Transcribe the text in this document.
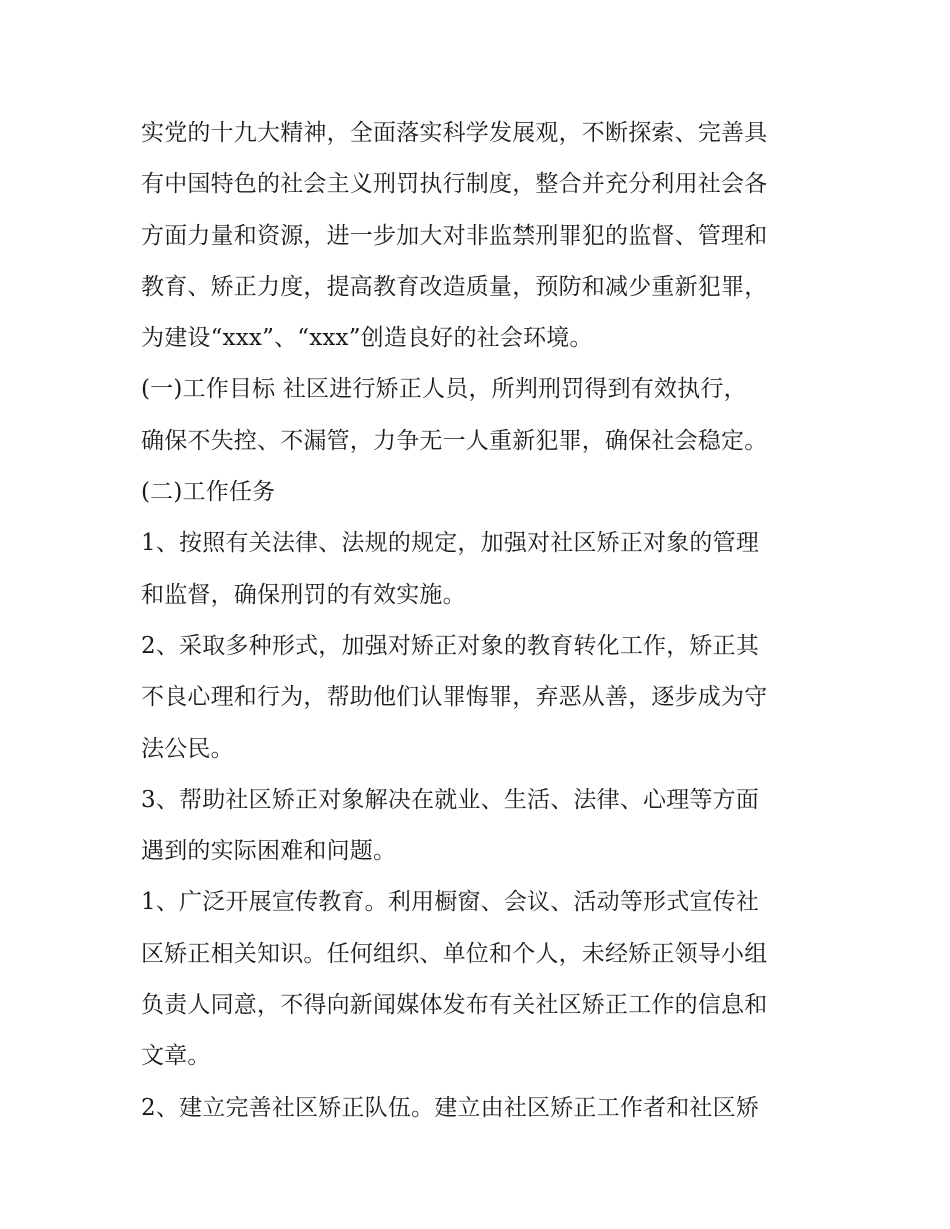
实党的十九大精神，全面落实科学发展观，不断探索、完善具
有中国特色的社会主义刑罚执行制度，整合并充分利用社会各
方面力量和资源，进一步加大对非监禁刑罪犯的监督、管理和
教育、矫正力度，提高教育改造质量，预防和减少重新犯罪，
为建设“xxx”、“xxx”创造良好的社会环境。
(一)工作目标 社区进行矫正人员，所判刑罚得到有效执行，
确保不失控、不漏管，力争无一人重新犯罪，确保社会稳定。
(二)工作任务
1、按照有关法律、法规的规定，加强对社区矫正对象的管理
和监督，确保刑罚的有效实施。
2、采取多种形式，加强对矫正对象的教育转化工作，矫正其
不良心理和行为，帮助他们认罪悔罪，弃恶从善，逐步成为守
法公民。
3、帮助社区矫正对象解决在就业、生活、法律、心理等方面
遇到的实际困难和问题。
1、广泛开展宣传教育。利用橱窗、会议、活动等形式宣传社
区矫正相关知识。任何组织、单位和个人，未经矫正领导小组
负责人同意，不得向新闻媒体发布有关社区矫正工作的信息和
文章。
2、建立完善社区矫正队伍。建立由社区矫正工作者和社区矫
